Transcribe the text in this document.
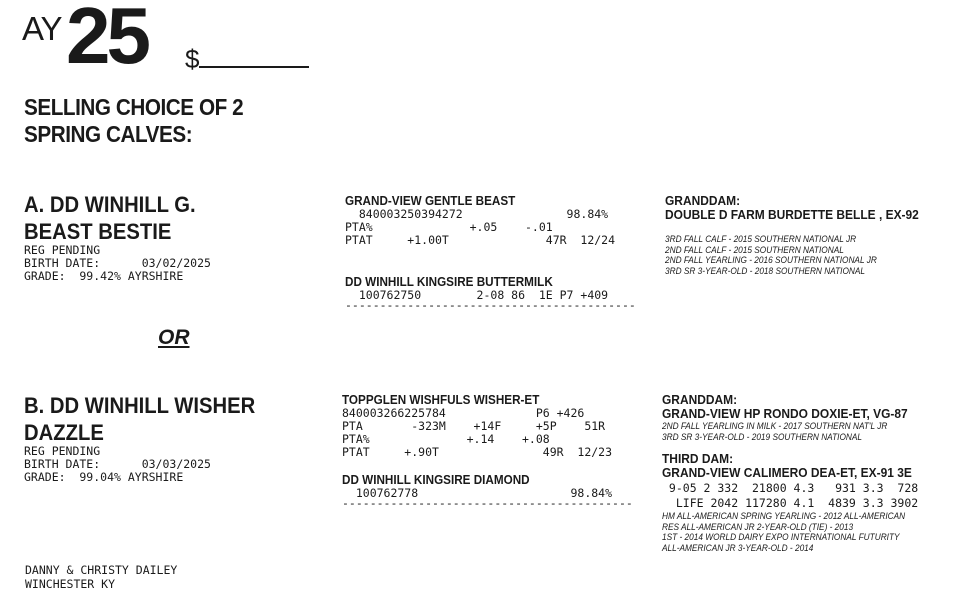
AY 25 $
SELLING CHOICE OF 2
SPRING CALVES:
A. DD WINHILL G.
BEAST BESTIE
REG PENDING
BIRTH DATE:      03/02/2025
GRADE:  99.42% AYRSHIRE
GRAND-VIEW GENTLE BEAST
840003250394272               98.84%
PTA%              +.05    -.01
PTAT     +1.00T              47R  12/24
DD WINHILL KINGSIRE BUTTERMILK
100762750        2-08 86  1E P7 +409
------------------------------------------
GRANDDAM:
DOUBLE D FARM BURDETTE BELLE , EX-92
3RD FALL CALF - 2015 SOUTHERN NATIONAL JR
2ND FALL CALF - 2015 SOUTHERN NATIONAL
2ND FALL YEARLING - 2016 SOUTHERN NATIONAL JR
3RD SR 3-YEAR-OLD - 2018 SOUTHERN NATIONAL
OR
B. DD WINHILL WISHER
DAZZLE
REG PENDING
BIRTH DATE:      03/03/2025
GRADE:  99.04% AYRSHIRE
TOPPGLEN WISHFULS WISHER-ET
840003266225784             P6 +426
PTA       -323M    +14F     +5P    51R
PTA%              +.14    +.08
PTAT     +.90T               49R  12/23
DD WINHILL KINGSIRE DIAMOND
100762778                      98.84%
------------------------------------------
GRANDDAM:
GRAND-VIEW HP RONDO DOXIE-ET, VG-87
2ND FALL YEARLING IN MILK - 2017 SOUTHERN NAT'L JR
3RD SR 3-YEAR-OLD - 2019 SOUTHERN NATIONAL
THIRD DAM:
GRAND-VIEW CALIMERO DEA-ET, EX-91 3E
9-05 2 332  21800 4.3   931 3.3  728
LIFE 2042 117280 4.1  4839 3.3 3902
HM ALL-AMERICAN SPRING YEARLING - 2012 ALL-AMERICAN
RES ALL-AMERICAN JR 2-YEAR-OLD (TIE) - 2013
1ST - 2014 WORLD DAIRY EXPO INTERNATIONAL FUTURITY
ALL-AMERICAN JR 3-YEAR-OLD - 2014
DANNY & CHRISTY DAILEY
WINCHESTER KY
